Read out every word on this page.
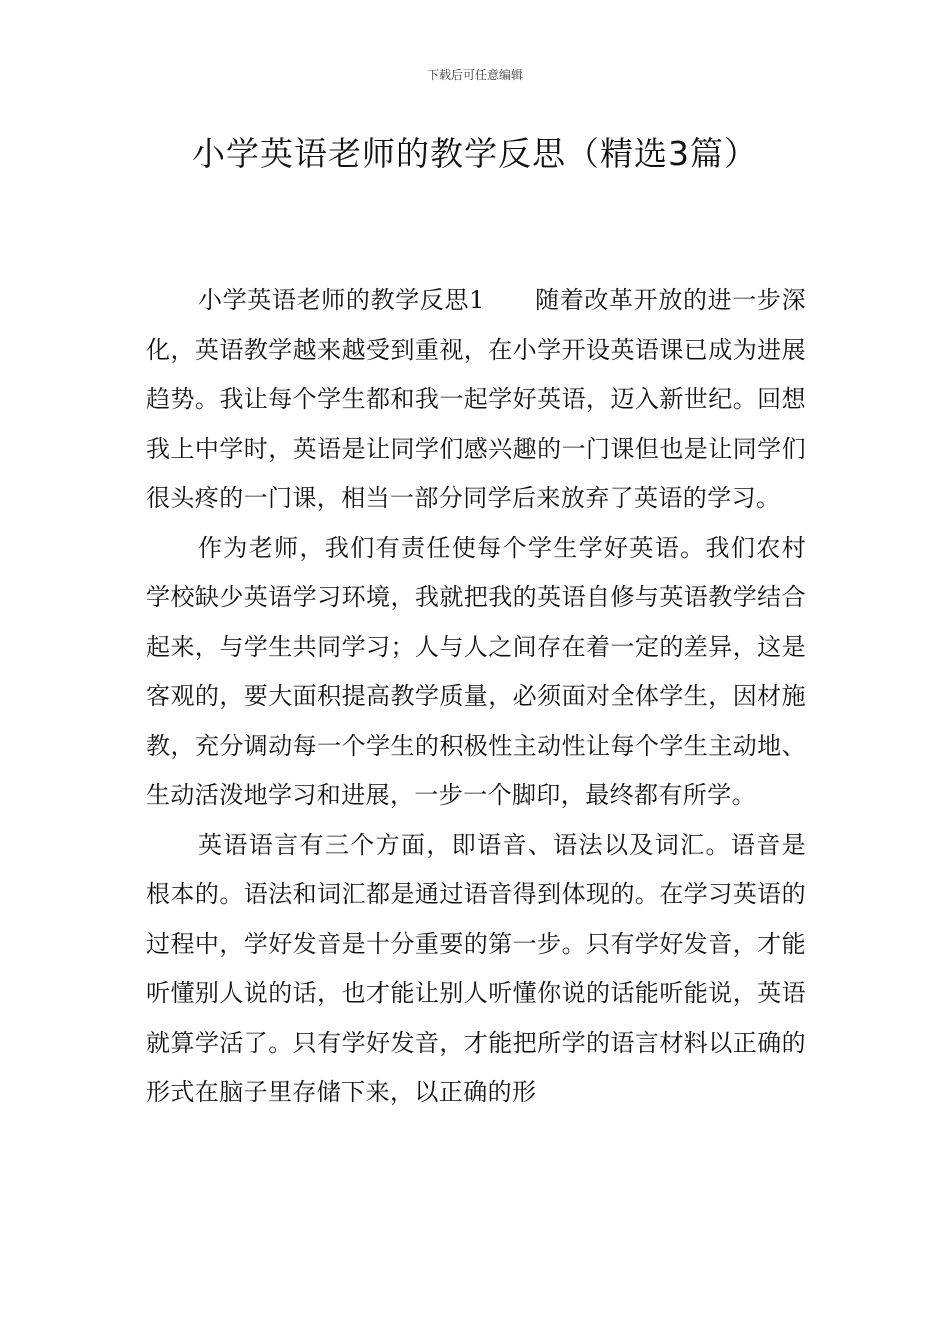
下载后可任意编辑
小学英语老师的教学反思（精选3篇）

小学英语老师的教学反思1 随着改革开放的进一步深化，英语教学越来越受到重视，在小学开设英语课已成为进展趋势。我让每个学生都和我一起学好英语，迈入新世纪。回想我上中学时，英语是让同学们感兴趣的一门课但也是让同学们很头疼的一门课，相当一部分同学后来放弃了英语的学习。

作为老师，我们有责任使每个学生学好英语。我们农村学校缺少英语学习环境，我就把我的英语自修与英语教学结合起来，与学生共同学习；人与人之间存在着一定的差异，这是客观的，要大面积提高教学质量，必须面对全体学生，因材施教，充分调动每一个学生的积极性主动性让每个学生主动地、生动活泼地学习和进展，一步一个脚印，最终都有所学。

英语语言有三个方面，即语音、语法以及词汇。语音是根本的。语法和词汇都是通过语音得到体现的。在学习英语的过程中，学好发音是十分重要的第一步。只有学好发音，才能听懂别人说的话，也才能让别人听懂你说的话能听能说，英语就算学活了。只有学好发音，才能把所学的语言材料以正确的形式在脑子里存储下来，以正确的形
